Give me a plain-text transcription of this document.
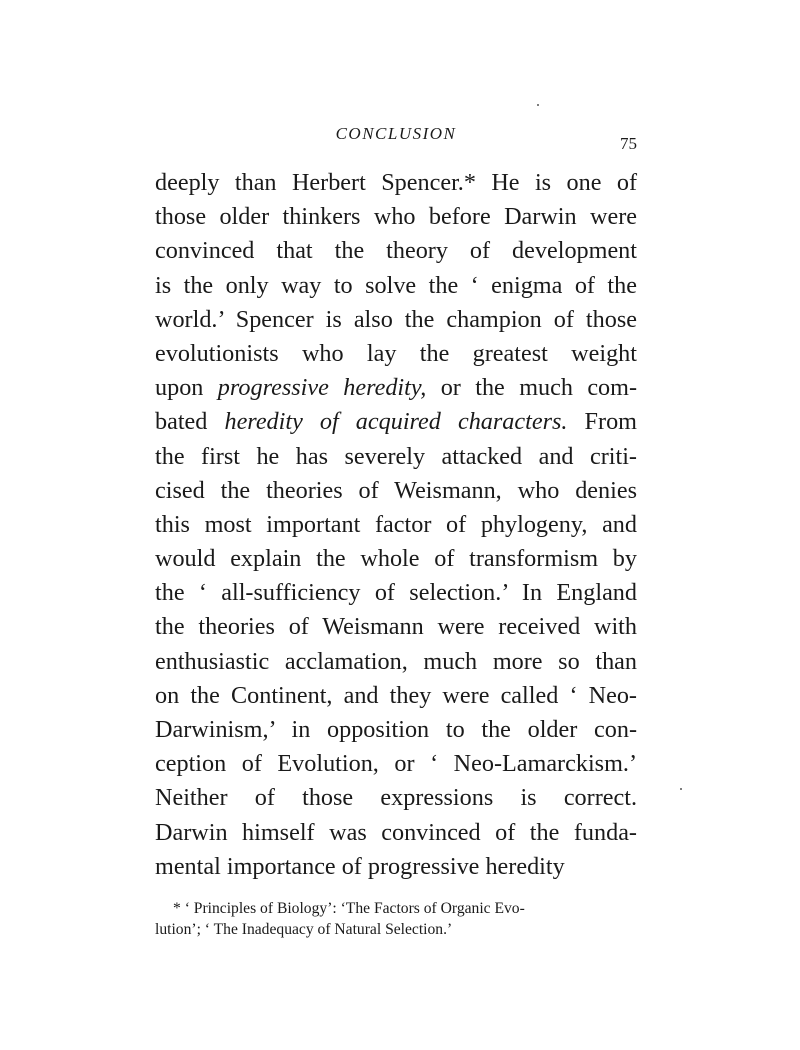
CONCLUSION
75
deeply than Herbert Spencer.* He is one of
those older thinkers who before Darwin were
convinced that the theory of development
is the only way to solve the ‘ enigma of the
world.’ Spencer is also the champion of those
evolutionists who lay the greatest weight
upon progressive heredity, or the much com-
bated heredity of acquired characters. From
the first he has severely attacked and criti-
cised the theories of Weismann, who denies
this most important factor of phylogeny, and
would explain the whole of transformism by
the ‘ all-sufficiency of selection.’ In England
the theories of Weismann were received with
enthusiastic acclamation, much more so than
on the Continent, and they were called ‘ Neo-
Darwinism,’ in opposition to the older con-
ception of Evolution, or ‘ Neo-Lamarckism.’
Neither of those expressions is correct.
Darwin himself was convinced of the funda-
mental importance of progressive heredity
* ‘ Principles of Biology’: ‘The Factors of Organic Evo-
lution’; ‘ The Inadequacy of Natural Selection.’
